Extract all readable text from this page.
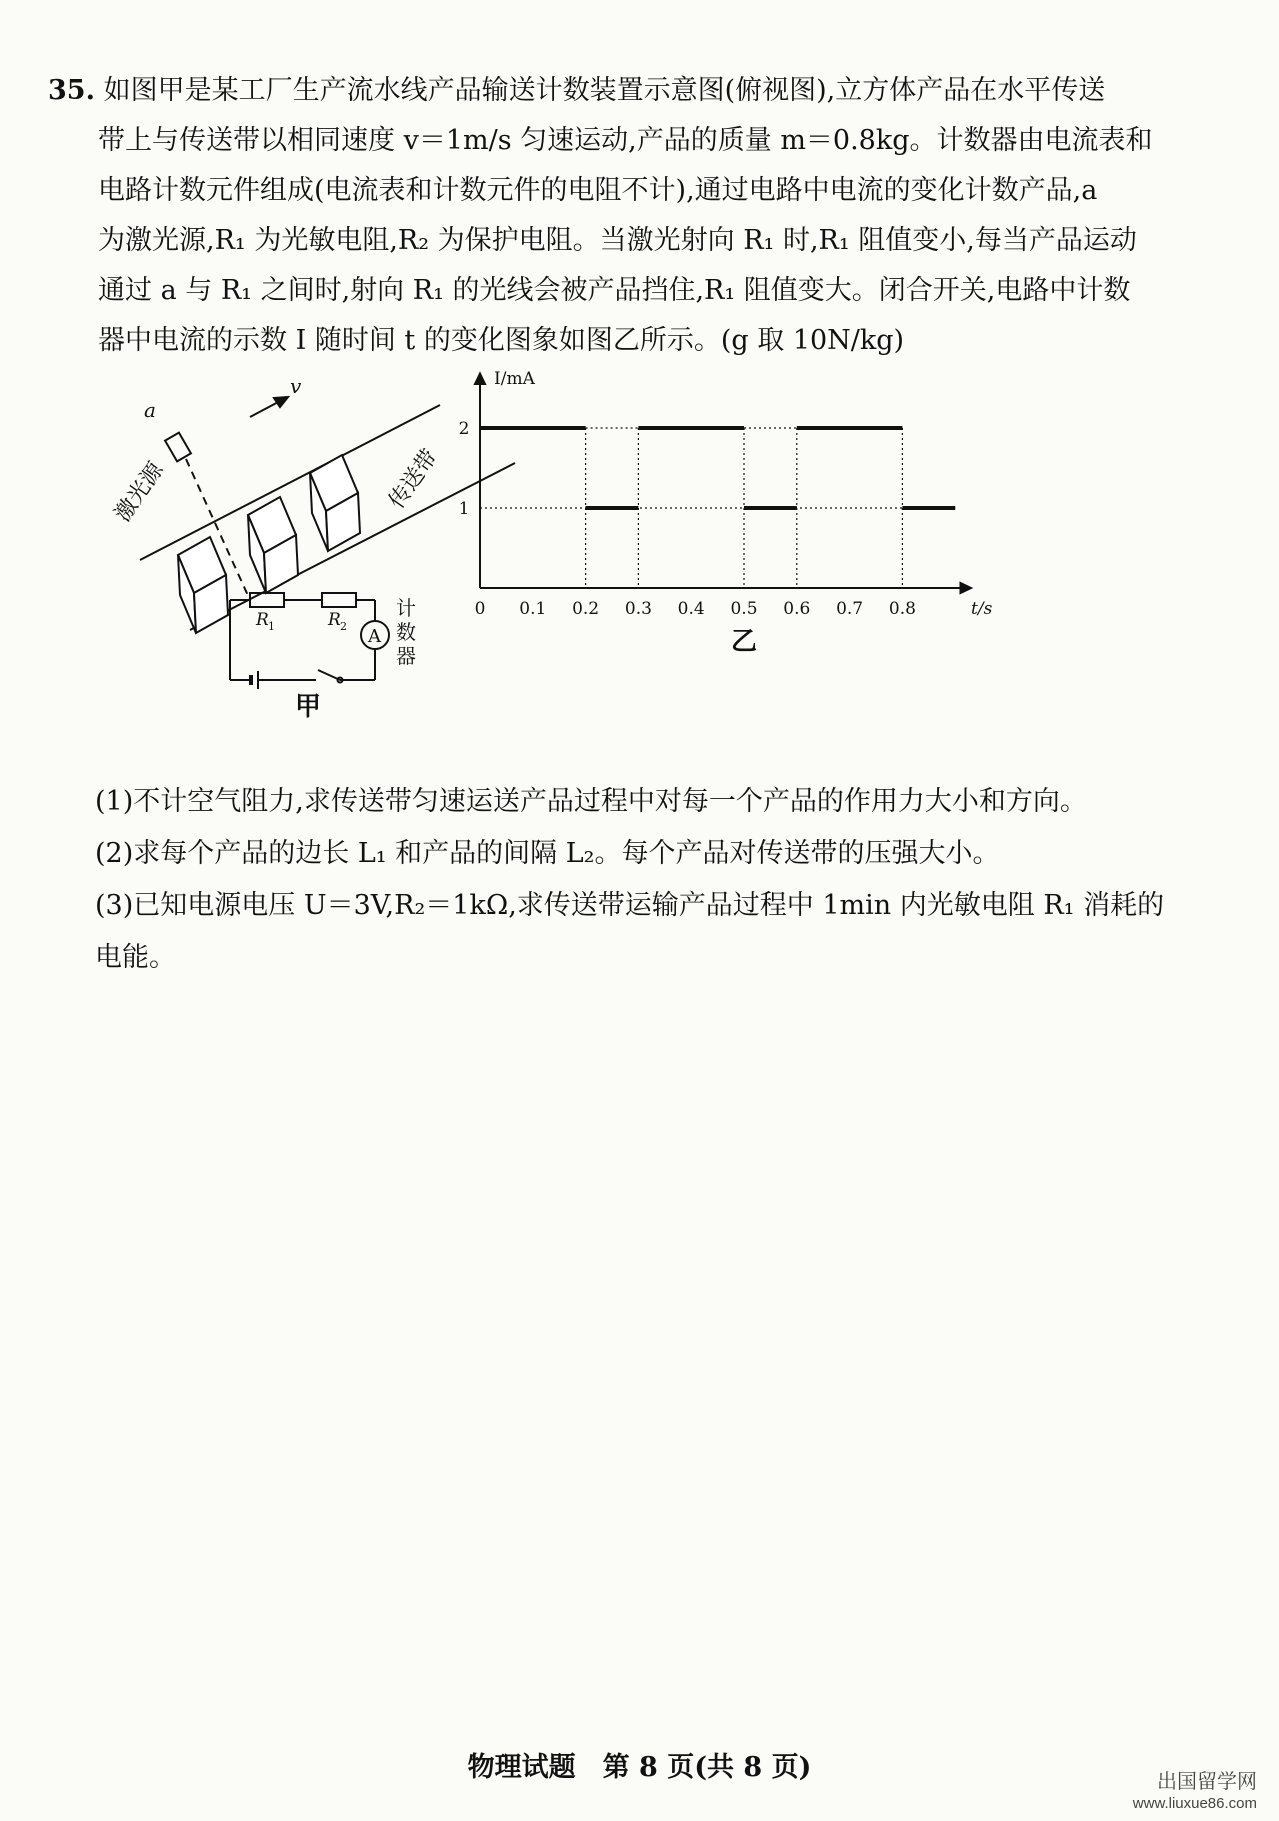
35. 如图甲是某工厂生产流水线产品输送计数装置示意图(俯视图),立方体产品在水平传送
带上与传送带以相同速度 v＝1m/s 匀速运动,产品的质量 m＝0.8kg。计数器由电流表和
电路计数元件组成(电流表和计数元件的电阻不计),通过电路中电流的变化计数产品,a
为激光源,R₁ 为光敏电阻,R₂ 为保护电阻。当激光射向 R₁ 时,R₁ 阻值变小,每当产品运动
通过 a 与 R₁ 之间时,射向 R₁ 的光线会被产品挡住,R₁ 阻值变大。闭合开关,电路中计数
器中电流的示数 I 随时间 t 的变化图象如图乙所示。(g 取 10N/kg)
v
a
激光源	传送带
A
R 1	R 2
计
数
器
甲
0 0.1 0.2 0.3 0.4 0.5 0.6 0.7 0.8
1
2
t/s
I/mA
乙
(1)不计空气阻力,求传送带匀速运送产品过程中对每一个产品的作用力大小和方向。
(2)求每个产品的边长 L₁ 和产品的间隔 L₂。每个产品对传送带的压强大小。
(3)已知电源电压 U＝3V,R₂＝1kΩ,求传送带运输产品过程中 1min 内光敏电阻 R₁ 消耗的
电能。
物理试题　第 8 页(共 8 页)	出国留学网
www.liuxue86.com
